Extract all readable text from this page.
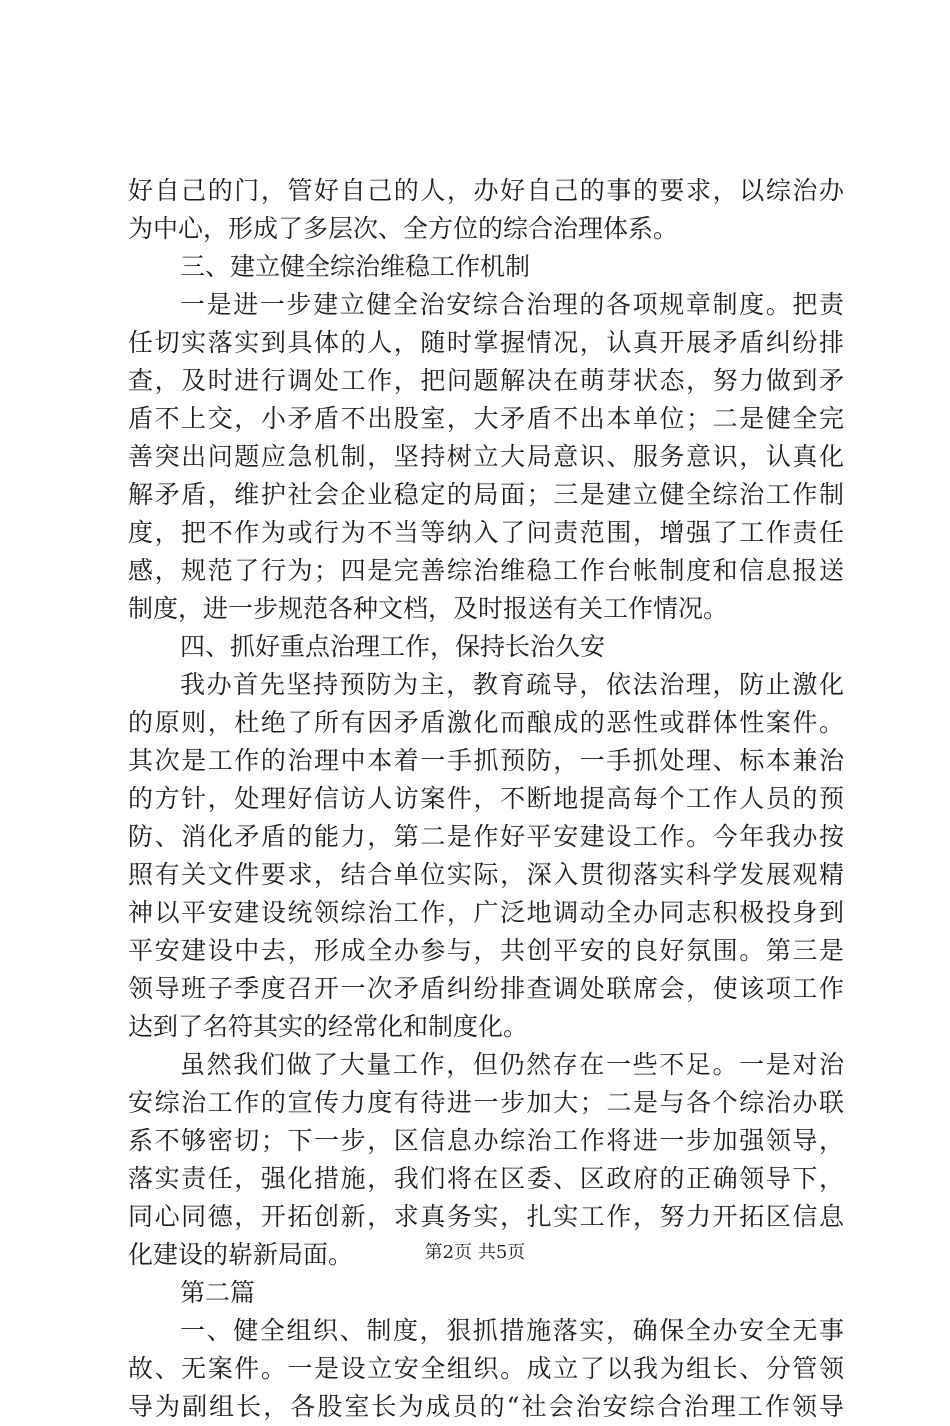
好自己的门，管好自己的人，办好自己的事的要求，以综治办
为中心，形成了多层次、全方位的综合治理体系。
三、建立健全综治维稳工作机制
一是进一步建立健全治安综合治理的各项规章制度。把责
任切实落实到具体的人，随时掌握情况，认真开展矛盾纠纷排
查，及时进行调处工作，把问题解决在萌芽状态，努力做到矛
盾不上交，小矛盾不出股室，大矛盾不出本单位；二是健全完
善突出问题应急机制，坚持树立大局意识、服务意识，认真化
解矛盾，维护社会企业稳定的局面；三是建立健全综治工作制
度，把不作为或行为不当等纳入了问责范围，增强了工作责任
感，规范了行为；四是完善综治维稳工作台帐制度和信息报送
制度，进一步规范各种文档，及时报送有关工作情况。
四、抓好重点治理工作，保持长治久安
我办首先坚持预防为主，教育疏导，依法治理，防止激化
的原则，杜绝了所有因矛盾激化而酿成的恶性或群体性案件。
其次是工作的治理中本着一手抓预防，一手抓处理、标本兼治
的方针，处理好信访人访案件，不断地提高每个工作人员的预
防、消化矛盾的能力，第二是作好平安建设工作。今年我办按
照有关文件要求，结合单位实际，深入贯彻落实科学发展观精
神以平安建设统领综治工作，广泛地调动全办同志积极投身到
平安建设中去，形成全办参与，共创平安的良好氛围。第三是
领导班子季度召开一次矛盾纠纷排查调处联席会，使该项工作
达到了名符其实的经常化和制度化。
虽然我们做了大量工作，但仍然存在一些不足。一是对治
安综治工作的宣传力度有待进一步加大；二是与各个综治办联
系不够密切；下一步，区信息办综治工作将进一步加强领导，
落实责任，强化措施，我们将在区委、区政府的正确领导下，
同心同德，开拓创新，求真务实，扎实工作，努力开拓区信息
化建设的崭新局面。
第二篇
一、健全组织、制度，狠抓措施落实，确保全办安全无事
故、无案件。一是设立安全组织。成立了以我为组长、分管领
导为副组长，各股室长为成员的“社会治安综合治理工作领导
第2页 共5页
